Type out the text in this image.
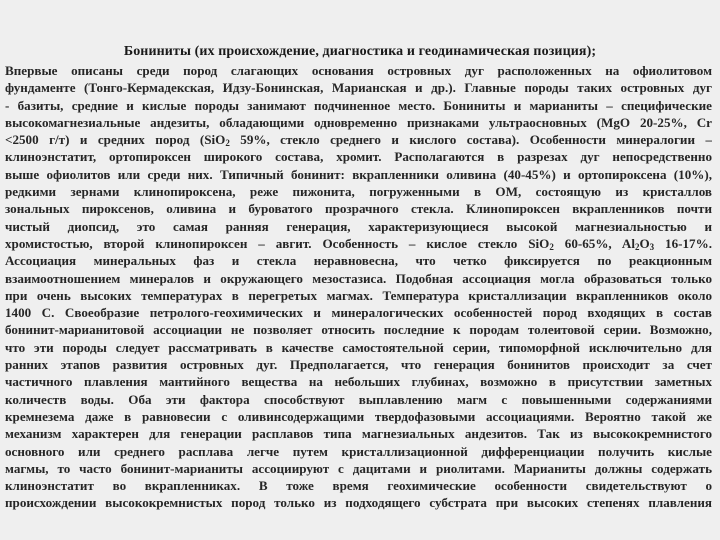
Бониниты (их происхождение, диагностика и геодинамическая позиция);
Впервые описаны среди пород слагающих основания островных дуг расположенных на офиолитовом
фундаменте (Тонго-Кермадекская, Идзу-Бонинская, Марианская и др.). Главные породы таких островных дуг
- базиты, средние и кислые породы занимают подчиненное место. Бониниты и марианиты – специфические
высокомагнезиальные андезиты, обладающими одновременно признаками ультраосновных (MgO 20-25%, Cr
<2500 г/т) и средних пород (SiO$_2$ 59%, стекло среднего и кислого состава). Особенности минералогии –
клиноэнстатит, ортопироксен широкого состава, хромит. Располагаются в разрезах дуг непосредственно
выше офиолитов или среди них. Типичный бонинит: вкрапленники оливина (40-45%) и ортопироксена (10%),
редкими зернами клинопироксена, реже пижонита, погруженными в ОМ, состоящую из кристаллов
зональных пироксенов, оливина и буроватого прозрачного стекла. Клинопироксен вкрапленников почти
чистый диопсид, это самая ранняя генерация, характеризующиеся высокой магнезиальностью и
хромистостью, второй клинопироксен – авгит. Особенность – кислое стекло SiO$_2$ 60-65%, $Al_2O_3$ 16-17%.
Ассоциация минеральных фаз и стекла неравновесна, что четко фиксируется по реакционным
взаимоотношением минералов и окружающего мезостазиса. Подобная ассоциация могла образоваться только
при очень высоких температурах в перегретых магмах. Температура кристаллизации вкрапленников около
1400 С. Своеобразие петролого-геохимических и минералогических особенностей пород входящих в состав
бонинит-марианитовой ассоциации не позволяет относить последние к породам толеитовой серии. Возможно,
что эти породы следует рассматривать в качестве самостоятельной серии, типоморфной исключительно для
ранних этапов развития островных дуг. Предполагается, что генерация бонинитов происходит за счет
частичного плавления мантийного вещества на небольших глубинах, возможно в присутствии заметных
количеств воды. Оба эти фактора способствуют выплавлению магм с повышенными содержаниями
кремнезема даже в равновесии с оливинсодержащими твердофазовыми ассоциациями. Вероятно такой же
механизм характерен для генерации расплавов типа магнезиальных андезитов. Так из высококремнистого
основного или среднего расплава легче путем кристаллизационной дифференциации получить кислые
магмы, то часто бонинит-марианиты ассоциируют с дацитами и риолитами. Марианиты должны содержать
клиноэнстатит во вкрапленниках. В тоже время геохимические особенности свидетельствуют о
происхождении высококремнистых пород только из подходящего субстрата при высоких степенях плавления
